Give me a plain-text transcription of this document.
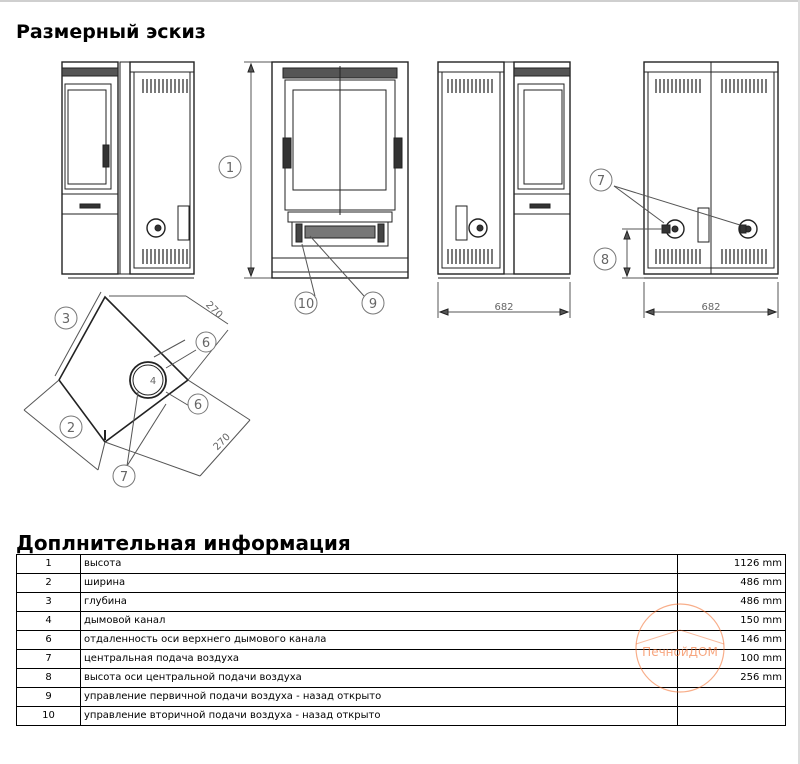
Размерный эскиз
1
10	9
7
8
3
2
7
6
6
4
682	682
270
270
Доплнительная информация
1	высота	1126 mm
2	ширина	486 mm
3	глубина	486 mm
4	дымовой канал	150 mm
6	отдаленность оси верхнего дымового канала	146 mm
7	центральная подача воздуха	100 mm
8	высота оси центральной подачи воздуха	256 mm
9	управление первичной подачи воздуха - назад открыто	
10	управление вторичной подачи воздуха - назад открыто	
ПечнойДОМ
